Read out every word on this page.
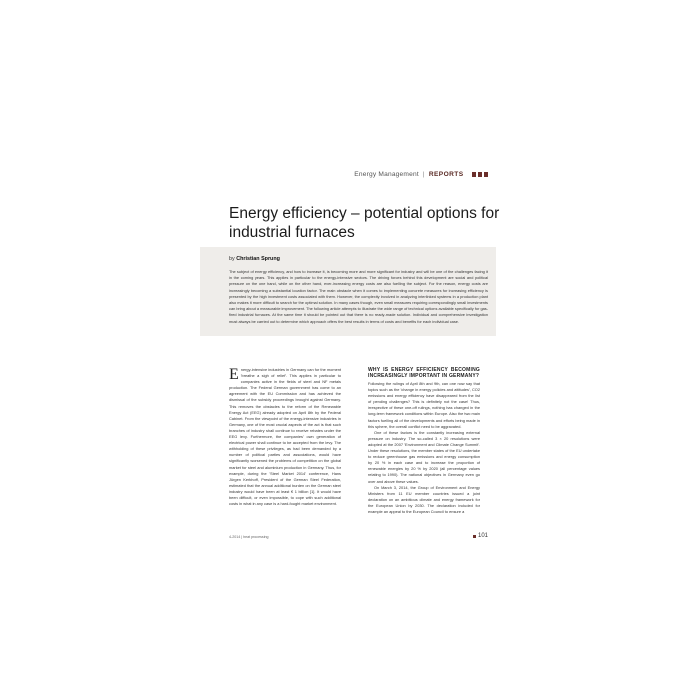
Energy Management | REPORTS
Energy efficiency – potential options for industrial furnaces
by Christian Sprung

The subject of energy efficiency, and how to increase it, is becoming more and more significant for industry and will be one of the challenges facing it in the coming years. This applies in particular to the energy-intensive sectors. The driving forces behind this development are social and political pressure on the one hand, while on the other hand, ever-increasing energy costs are also fuelling the subject. For the reason, energy costs are increasingly becoming a substantial location factor. The main obstacle when it comes to implementing concrete measures for increasing efficiency is presented by the high investment costs associated with them. However, the complexity involved in analyzing interlinked systems in a production plant also makes it more difficult to search for the optimal solution. In many cases though, even small measures requiring correspondingly small investments can bring about a measurable improvement. The following article attempts to illustrate the wide range of technical options available specifically for gas-fired industrial furnaces. At the same time it should be pointed out that there is no ready-made solution. Individual and comprehensive investigation must always be carried out to determine which approach offers the best results in terms of costs and benefits for each individual case.

E nergy-intensive industries in Germany can for the moment 'breathe a sigh of relief'. This applies in particular to companies active in the fields of steel and NF metals production. The Federal German government has come to an agreement with the EU Commission and has achieved the dismissal of the subsidy proceedings brought against Germany. This removes the obstacles to the reform of the Renewable Energy Act (EEG) already adopted on April 8th by the Federal Cabinet. From the viewpoint of the energy-intensive industries in Germany, one of the most crucial aspects of the act is that such branches of industry shall continue to receive rebates under the EEG levy. Furthermore, the companies' own generation of electrical power shall continue to be accepted from the levy. The withholding of these privileges, as had been demanded by a number of political parties and associations, would have significantly worsened the problems of competition on the global market for steel and aluminium production in Germany. Thus, for example, during the 'Steel Market 2014' conference, Hans Jürgen Kerkhoff, President of the German Steel Federation, estimated that the annual additional burden on the German steel industry would have been at least € 1 billion [1]. It would have been difficult, or even impossible, to cope with such additional costs in what in any case is a hard-fought market environment.

WHY IS ENERGY EFFICIENCY BECOMING INCREASINGLY IMPORTANT IN GERMANY?

Following the rulings of April 8th and 9th, can one now say that topics such as the 'change in energy policies and attitudes', CO2 emissions and energy efficiency have disappeared from the list of pending challenges? This is definitely not the case! Thus, irrespective of these one-off rulings, nothing has changed in the long-term framework conditions within Europe. Also the two main factors fuelling all of the developments and efforts being made in this sphere, the overall conflict need to be aggravated.

One of these factors is the constantly increasing external pressure on industry. The so-called 3 × 20 resolutions were adopted at the 2007 'Environment and Climate Change Summit'. Under these resolutions, the member states of the EU undertake to reduce greenhouse gas emissions and energy consumption by 20 % in each case and to increase the proportion of renewable energies by 20 % by 2020 (all percentage values relating to 1990). The national objectives in Germany even go over and above these values.

On March 3, 2014, the Group of Environment and Energy Ministers from 11 EU member countries issued a joint declaration on an ambitious climate and energy framework for the European Union by 2030. The declaration included for example an appeal to the European Council to ensure a

4-2014 | heat processing	101
